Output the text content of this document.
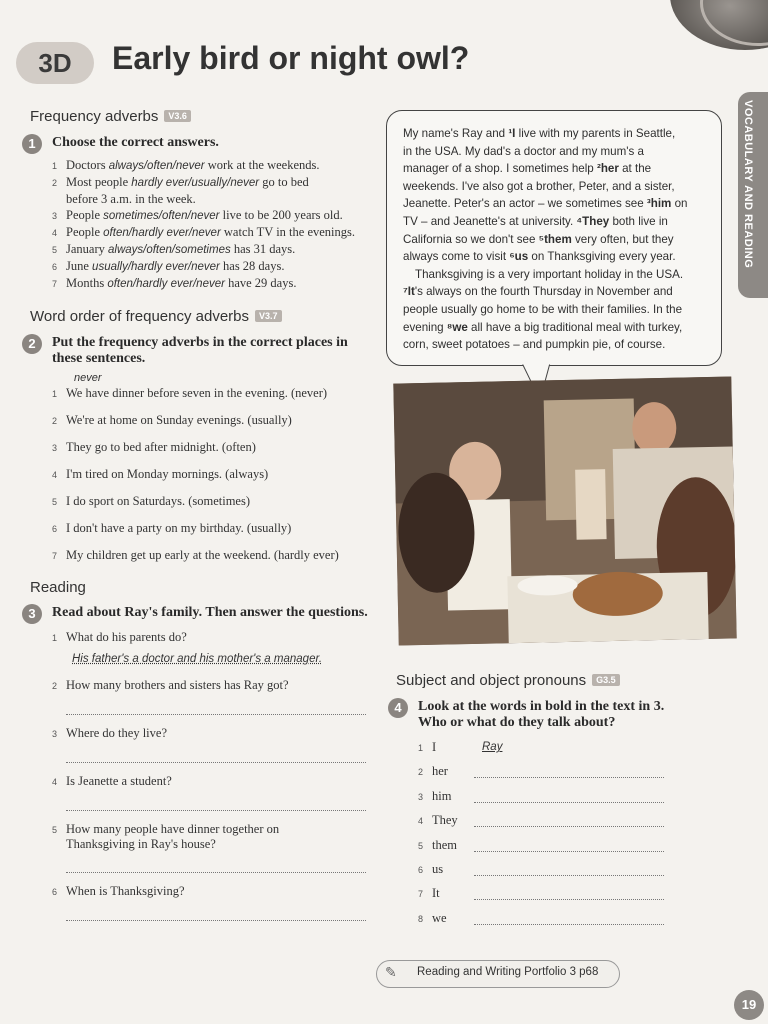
3D	Early bird or night owl?
VOCABULARY AND READING
Frequency adverbs V3.6
1	Choose the correct answers.
1 Doctors always/often/never work at the weekends.
2 Most people hardly ever/usually/never go to bed
before 3 a.m. in the week.
3 People sometimes/often/never live to be 200 years old.
4 People often/hardly ever/never watch TV in the evenings.
5 January always/often/sometimes has 31 days.
6 June usually/hardly ever/never has 28 days.
7 Months often/hardly ever/never have 29 days.
Word order of frequency adverbs V3.7
2	Put the frequency adverbs in the correct places in
these sentences.
never
1 We have dinner before seven in the evening. (never)
2 We're at home on Sunday evenings. (usually)
3 They go to bed after midnight. (often)
4 I'm tired on Monday mornings. (always)
5 I do sport on Saturdays. (sometimes)
6 I don't have a party on my birthday. (usually)
7 My children get up early at the weekend. (hardly ever)
Reading
3	Read about Ray's family. Then answer the questions.
1 What do his parents do?
His father's a doctor and his mother's a manager.
2 How many brothers and sisters has Ray got?
3 Where do they live?
4 Is Jeanette a student?
5 How many people have dinner together on
Thanksgiving in Ray's house?
6 When is Thanksgiving?

My name's Ray and ¹I live with my parents in Seattle,

in the USA. My dad's a doctor and my mum's a

manager of a shop. I sometimes help ²her at the

weekends. I've also got a brother, Peter, and a sister,

Jeanette. Peter's an actor – we sometimes see ³him on

TV – and Jeanette's at university. ⁴They both live in

California so we don't see ⁵them very often, but they

always come to visit ⁶us on Thanksgiving every year.

Thanksgiving is a very important holiday in the USA.

⁷It's always on the fourth Thursday in November and

people usually go home to be with their families. In the

evening ⁸we all have a big traditional meal with turkey,

corn, sweet potatoes – and pumpkin pie, of course.

Subject and object pronouns G3.5
4	Look at the words in bold in the text in 3.
Who or what do they talk about?
1 I	Ray
2 her
3 him
4 They
5 them
6 us
7 It
8 we
✎ Reading and Writing Portfolio 3 p68
19
